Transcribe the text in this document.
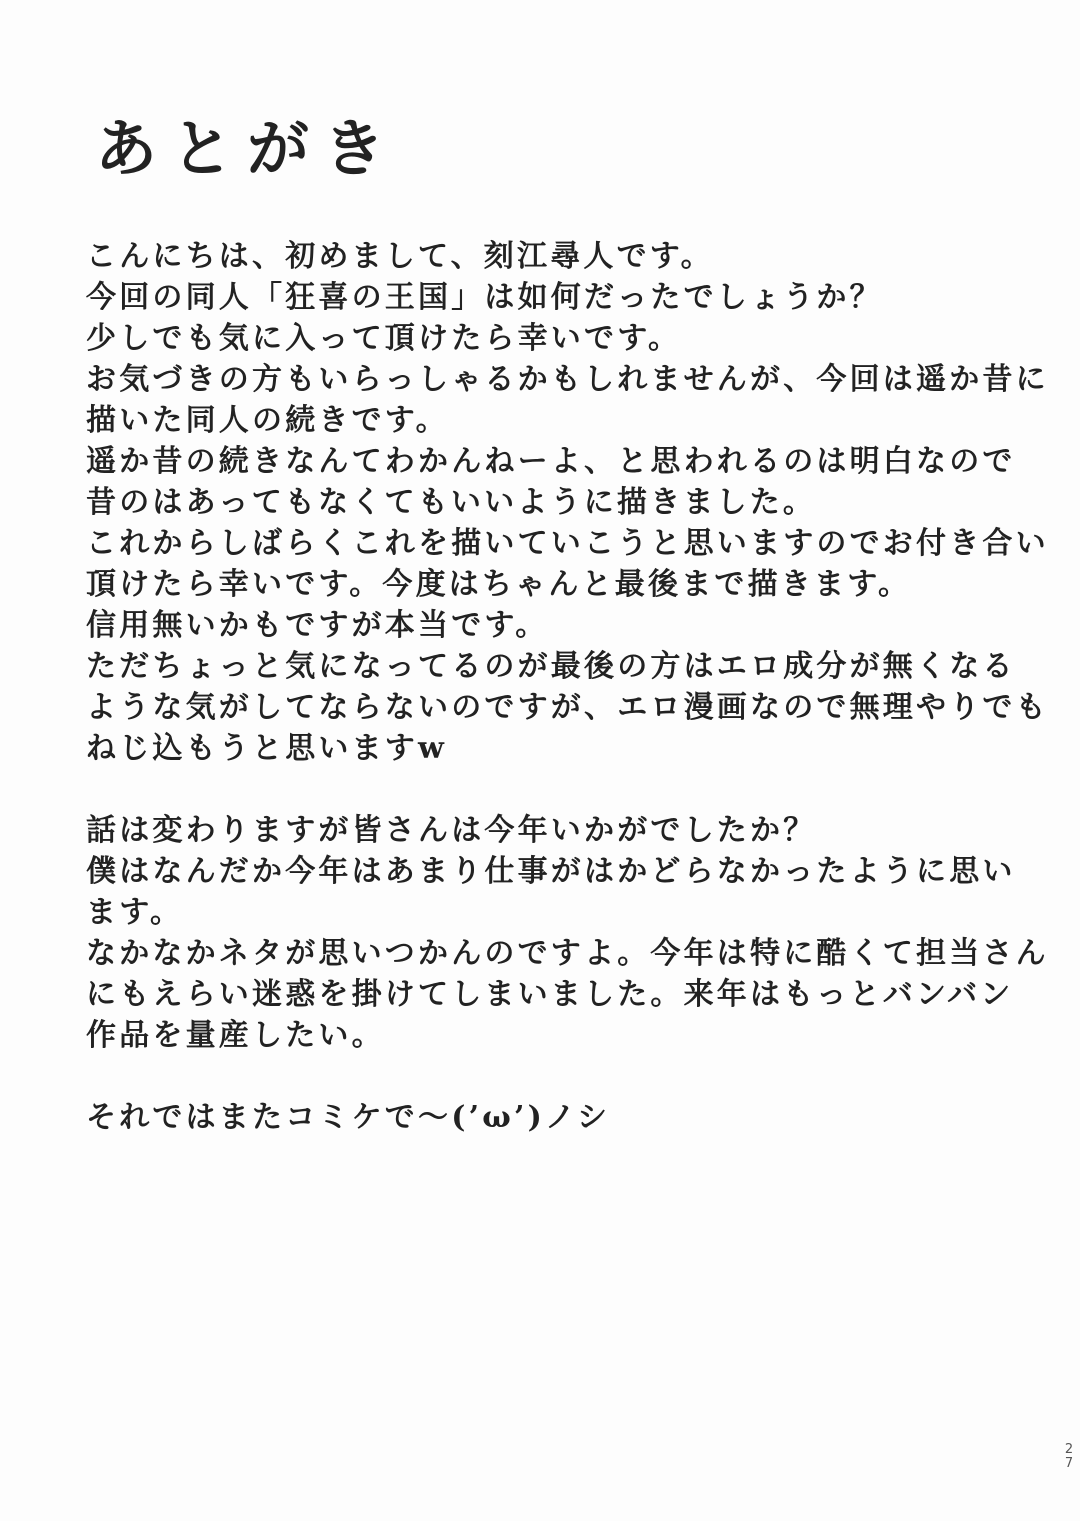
あとがき
こんにちは、初めまして、刻江尋人です。
今回の同人「狂喜の王国」は如何だったでしょうか？
少しでも気に入って頂けたら幸いです。
お気づきの方もいらっしゃるかもしれませんが、今回は遥か昔に
描いた同人の続きです。
遥か昔の続きなんてわかんねーよ、と思われるのは明白なので
昔のはあってもなくてもいいように描きました。
これからしばらくこれを描いていこうと思いますのでお付き合い
頂けたら幸いです。今度はちゃんと最後まで描きます。
信用無いかもですが本当です。
ただちょっと気になってるのが最後の方はエロ成分が無くなる
ような気がしてならないのですが、エロ漫画なので無理やりでも
ねじ込もうと思いますw
話は変わりますが皆さんは今年いかがでしたか？
僕はなんだか今年はあまり仕事がはかどらなかったように思い
ます。
なかなかネタが思いつかんのですよ。今年は特に酷くて担当さん
にもえらい迷惑を掛けてしまいました。来年はもっとバンバン
作品を量産したい。
それではまたコミケで～(’ω’)ノシ
2
7
